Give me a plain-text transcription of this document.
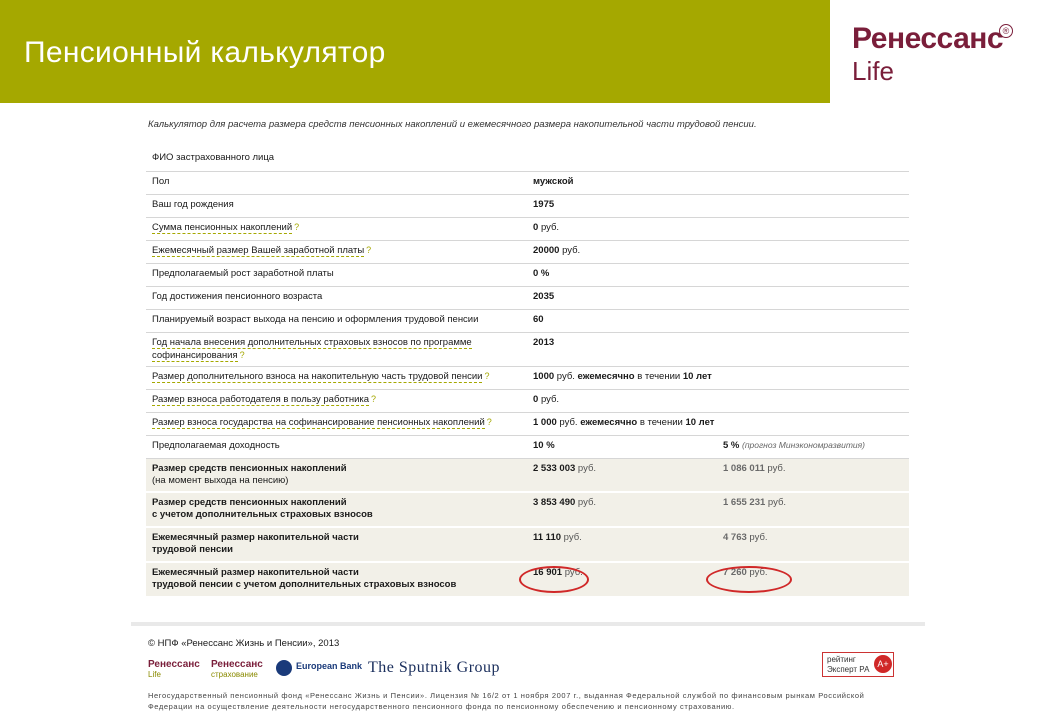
Пенсионный калькулятор	Ренессанс
Life
®
Калькулятор для расчета размера средств пенсионных накоплений и ежемесячного размера накопительной части трудовой пенсии.
ФИО застрахованного лица		
Пол	мужской	
Ваш год рождения	1975	
Сумма пенсионных накоплений ?	0 руб.	
Ежемесячный размер Вашей заработной платы ?	20000 руб.	
Предполагаемый рост заработной платы	0 %	
Год достижения пенсионного возраста	2035	
Планируемый возраст выхода на пенсию и оформления трудовой пенсии	60	
Год начала внесения дополнительных страховых взносов по программе софинансирования ?	2013	
Размер дополнительного взноса на накопительную часть трудовой пенсии ?	1000 руб. ежемесячно в течении 10 лет	
Размер взноса работодателя в пользу работника ?	0 руб.	
Размер взноса государства на софинансирование пенсионных накоплений ?	1 000 руб. ежемесячно в течении 10 лет	
Предполагаемая доходность	10 %	5 % (прогноз Минэкономразвития)
Размер средств пенсионных накоплений
(на момент выхода на пенсию)	2 533 003 руб.	1 086 011 руб.
Размер средств пенсионных накоплений
с учетом дополнительных страховых взносов	3 853 490 руб.	1 655 231 руб.
Ежемесячный размер накопительной части
трудовой пенсии	11 110 руб.	4 763 руб.
Ежемесячный размер накопительной части
трудовой пенсии с учетом дополнительных страховых взносов	16 901 руб.	7 260 руб.
© НПФ «Ренессанс Жизнь и Пенсии», 2013
Ренессанс
Life
Ренессанс
страхование
European Bank The Sputnik Group	рейтинг
Эксперт РА
A+
Негосударственный пенсионный фонд «Ренессанс Жизнь и Пенсии». Лицензия № 16/2 от 1 ноября 2007 г., выданная Федеральной службой по финансовым рынкам Российской Федерации на осуществление деятельности негосударственного пенсионного фонда по пенсионному обеспечению и пенсионному страхованию.
